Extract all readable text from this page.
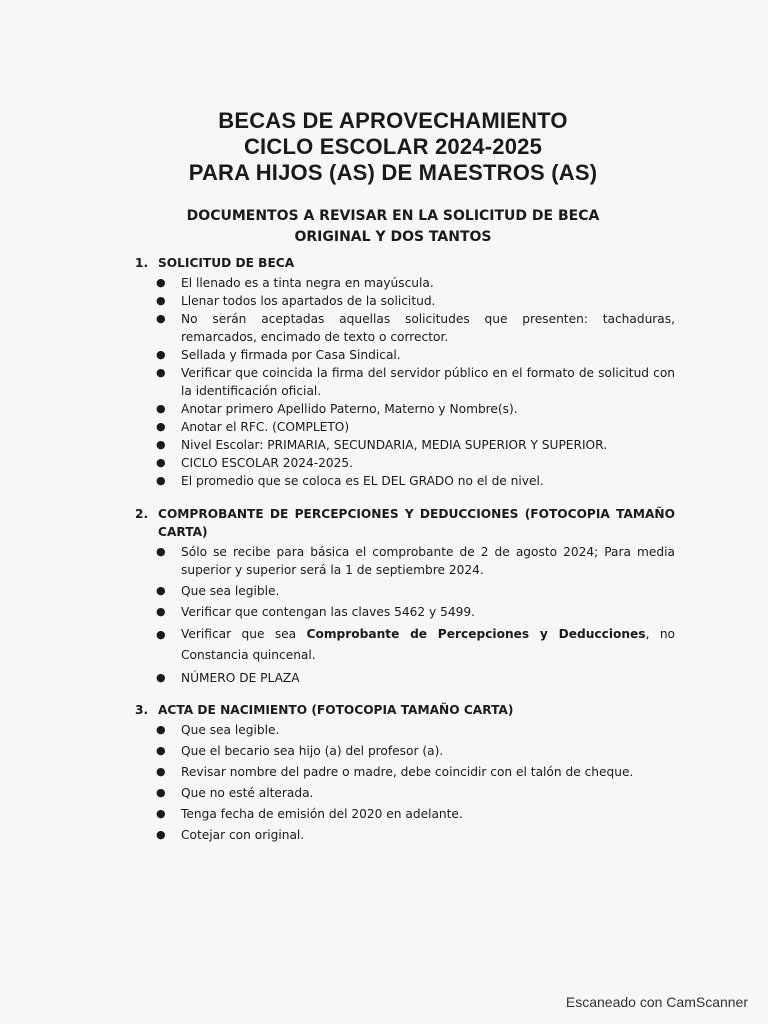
BECAS DE APROVECHAMIENTO
CICLO ESCOLAR 2024-2025
PARA HIJOS (AS) DE MAESTROS (AS)
DOCUMENTOS A REVISAR EN LA SOLICITUD DE BECA
ORIGINAL Y DOS TANTOS
1. SOLICITUD DE BECA
●	El llenado es a tinta negra en mayúscula.
●	Llenar todos los apartados de la solicitud.
●	No serán aceptadas aquellas solicitudes que presenten: tachaduras, remarcados, encimado de texto o corrector.
●	Sellada y firmada por Casa Sindical.
●	Verificar que coincida la firma del servidor público en el formato de solicitud con la identificación oficial.
●	Anotar primero Apellido Paterno, Materno y Nombre(s).
●	Anotar el RFC. (COMPLETO)
●	Nivel Escolar: PRIMARIA, SECUNDARIA, MEDIA SUPERIOR Y SUPERIOR.
●	CICLO ESCOLAR 2024-2025.
●	El promedio que se coloca es EL DEL GRADO no el de nivel.
2. COMPROBANTE DE PERCEPCIONES Y DEDUCCIONES (FOTOCOPIA TAMAÑO CARTA)
●	Sólo se recibe para básica el comprobante de 2 de agosto 2024; Para media superior y superior será la 1 de septiembre 2024.
●	Que sea legible.
●	Verificar que contengan las claves 5462 y 5499.
●	Verificar que sea Comprobante de Percepciones y Deducciones, no Constancia quincenal.
●	NÚMERO DE PLAZA
3. ACTA DE NACIMIENTO (FOTOCOPIA TAMAÑO CARTA)
●	Que sea legible.
●	Que el becario sea hijo (a) del profesor (a).
●	Revisar nombre del padre o madre, debe coincidir con el talón de cheque.
●	Que no esté alterada.
●	Tenga fecha de emisión del 2020 en adelante.
●	Cotejar con original.
Escaneado con CamScanner
